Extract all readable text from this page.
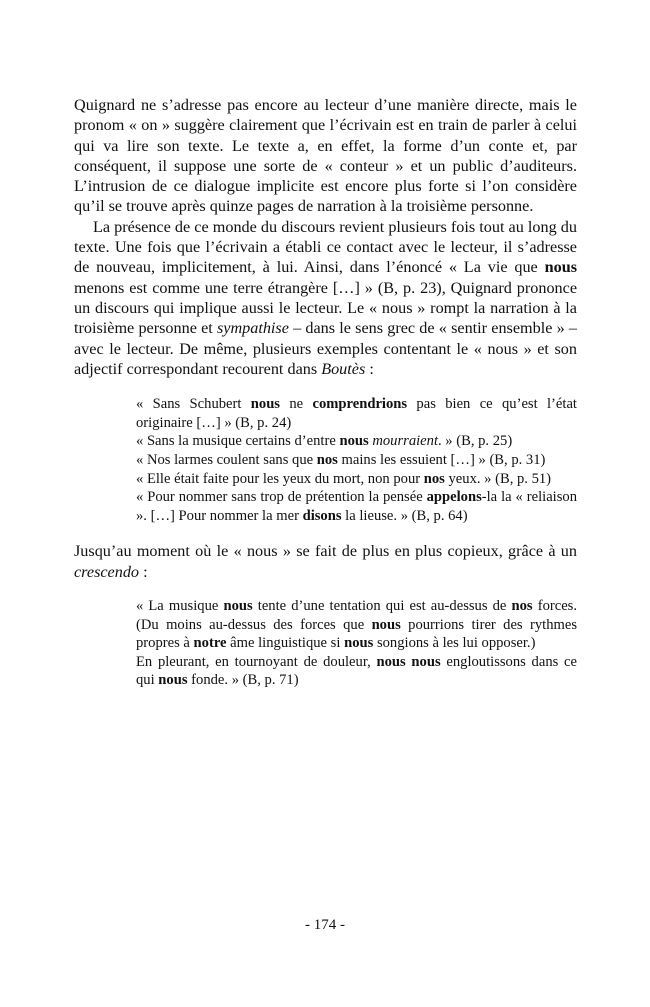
Quignard ne s’adresse pas encore au lecteur d’une manière directe, mais le pronom « on » suggère clairement que l’écrivain est en train de parler à celui qui va lire son texte. Le texte a, en effet, la forme d’un conte et, par conséquent, il suppose une sorte de « conteur » et un public d’auditeurs. L’intrusion de ce dialogue implicite est encore plus forte si l’on considère qu’il se trouve après quinze pages de narration à la troisième personne.

La présence de ce monde du discours revient plusieurs fois tout au long du texte. Une fois que l’écrivain a établi ce contact avec le lecteur, il s’adresse de nouveau, implicitement, à lui. Ainsi, dans l’énoncé « La vie que nous menons est comme une terre étrangère […] » (B, p. 23), Quignard prononce un discours qui implique aussi le lecteur. Le « nous » rompt la narration à la troisième personne et sympathise – dans le sens grec de « sentir ensemble » – avec le lecteur. De même, plusieurs exemples contentant le « nous » et son adjectif correspondant recourent dans Boutès :

« Sans Schubert nous ne comprendrions pas bien ce qu’est l’état originaire […] » (B, p. 24)
« Sans la musique certains d’entre nous mourraient. » (B, p. 25)
« Nos larmes coulent sans que nos mains les essuient […] » (B, p. 31)
« Elle était faite pour les yeux du mort, non pour nos yeux. » (B, p. 51)
« Pour nommer sans trop de prétention la pensée appelons-la la « reliaison ». […] Pour nommer la mer disons la lieuse. » (B, p. 64)

Jusqu’au moment où le « nous » se fait de plus en plus copieux, grâce à un crescendo :

« La musique nous tente d’une tentation qui est au-dessus de nos forces. (Du moins au-dessus des forces que nous pourrions tirer des rythmes propres à notre âme linguistique si nous songions à les lui opposer.)
En pleurant, en tournoyant de douleur, nous nous engloutissons dans ce qui nous fonde. » (B, p. 71)
- 174 -
